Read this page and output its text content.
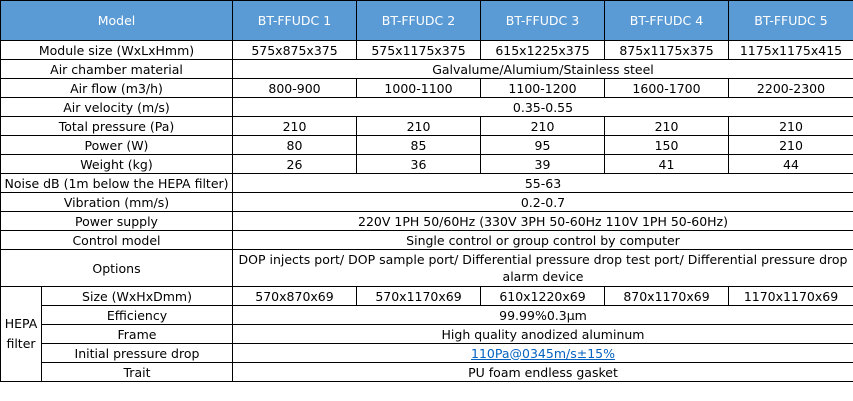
Model		BT-FFUDC 1	BT-FFUDC 2	BT-FFUDC 3	BT-FFUDC 4	BT-FFUDC 5
Module size (WxLxHmm)		575x875x375	575x1175x375	615x1225x375	875x1175x375	1175x1175x415
Air chamber material		Galvalume/Alumium/Stainless steel				
Air flow (m3/h)		800-900	1000-1100	1100-1200	1600-1700	2200-2300
Air velocity (m/s)		0.35-0.55				
Total pressure (Pa)		210	210	210	210	210
Power (W)		80	85	95	150	210
Weight (kg)		26	36	39	41	44
Noise dB (1m below the HEPA filter)		55-63				
Vibration (mm/s)		0.2-0.7				
Power supply		220V 1PH 50/60Hz (330V 3PH 50-60Hz 110V 1PH 50-60Hz)				
Control model		Single control or group control by computer				
Options		DOP injects port/ DOP sample port/ Differential pressure drop test port/ Differential pressure drop alarm device				
HEPA filter	Size (WxHxDmm)	570x870x69	570x1170x69	610x1220x69	870x1170x69	1170x1170x69
	Efficiency	99.99%0.3μm				
	Frame	High quality anodized aluminum				
	Initial pressure drop	110Pa@0345m/s±15%				
	Trait	PU foam endless gasket				
